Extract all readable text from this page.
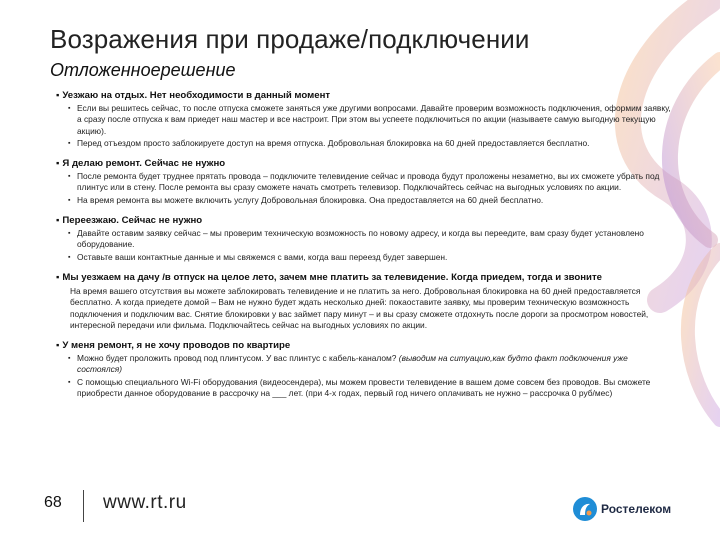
Возражения при продаже/подключении
Отложенноерешение
▪ Уезжаю на отдых. Нет необходимости в данный момент
▪ Если вы решитесь сейчас, то после отпуска сможете заняться уже другими вопросами. Давайте проверим возможность подключения, оформим заявку, а сразу после отпуска к вам приедет наш мастер и все настроит. При этом вы успеете подключиться по акции (называете самую выгодную текущую акцию).
▪ Перед отъездом просто заблокируете доступ на время отпуска. Добровольная блокировка на 60 дней предоставляется бесплатно.
▪ Я делаю ремонт. Сейчас не нужно
▪ После ремонта будет труднее прятать провода – подключите телевидение сейчас и провода будут проложены незаметно, вы их сможете убрать под плинтус или в стену. После ремонта вы сразу сможете начать смотреть телевизор. Подключайтесь сейчас на выгодных условиях по акции.
▪ На время ремонта вы можете включить услугу Добровольная блокировка. Она предоставляется на 60 дней бесплатно.
▪ Переезжаю. Сейчас не нужно
▪ Давайте оставим заявку сейчас – мы проверим техническую возможность по новому адресу, и когда вы переедите, вам сразу будет установлено оборудование.
▪ Оставьте ваши контактные данные и мы свяжемся с вами, когда ваш переезд будет завершен.
▪ Мы уезжаем на дачу /в отпуск на целое лето, зачем мне платить за телевидение. Когда приедем, тогда и звоните
На время вашего отсутствия вы можете заблокировать телевидение и не платить за него. Добровольная блокировка на 60 дней предоставляется бесплатно. А когда приедете домой – Вам не нужно будет ждать несколько дней: покаоставите заявку, мы проверим техническую возможность подключения и подключим вас. Снятие блокировки у вас займет пару минут – и вы сразу сможете отдохнуть после дороги за просмотром новостей, интересной передачи или фильма. Подключайтесь сейчас на выгодных условиях по акции.
▪ У меня ремонт, я не хочу проводов по квартире
▪ Можно будет проложить провод под плинтусом. У вас плинтус с кабель-каналом? (выводим на ситуацию,как будто факт подключения уже состоялся)
▪ С помощью специального Wi-Fi оборудования (видеосендера), мы можем провести телевидение в вашем доме совсем без проводов. Вы сможете приобрести данное оборудование в рассрочку на ___ лет. (при 4-х годах, первый год ничего оплачивать не нужно – рассрочка 0 руб/мес)
68 www.rt.ru	Ростелеком
